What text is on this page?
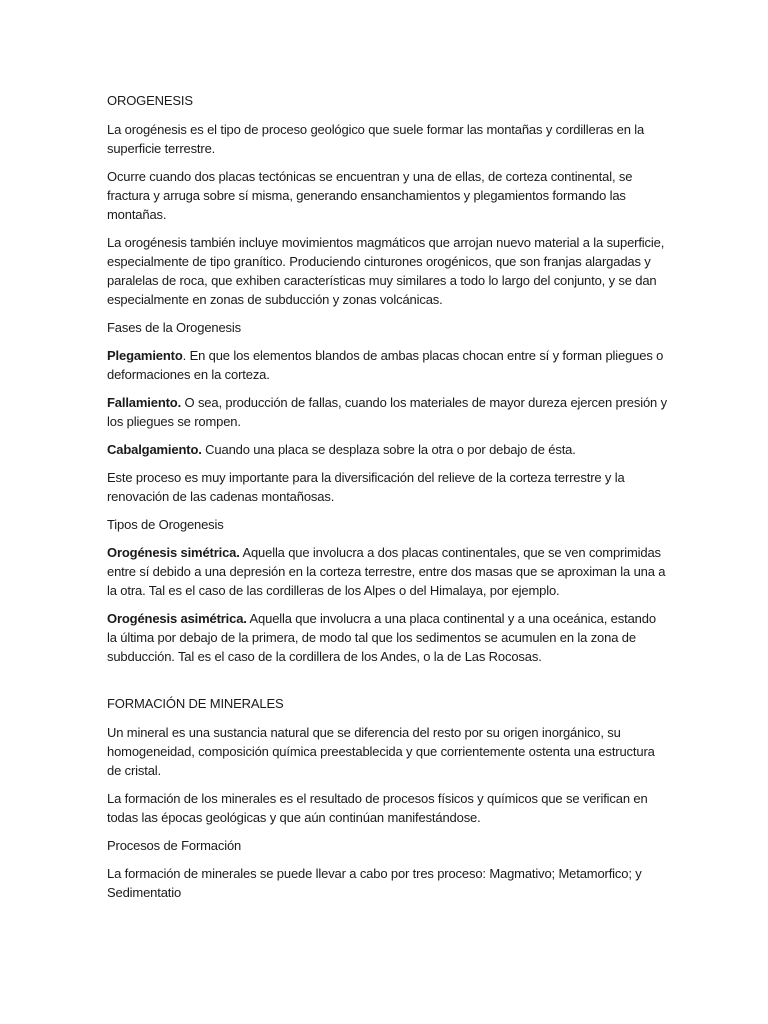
OROGENESIS

La orogénesis es el tipo de proceso geológico que suele formar las montañas y cordilleras en la superficie terrestre.

Ocurre cuando dos placas tectónicas se encuentran y una de ellas, de corteza continental, se fractura y arruga sobre sí misma, generando ensanchamientos y plegamientos formando las montañas.

La orogénesis también incluye movimientos magmáticos que arrojan nuevo material a la superficie, especialmente de tipo granítico. Produciendo cinturones orogénicos, que son franjas alargadas y paralelas de roca, que exhiben características muy similares a todo lo largo del conjunto, y se dan especialmente en zonas de subducción y zonas volcánicas.

Fases de la Orogenesis

Plegamiento. En que los elementos blandos de ambas placas chocan entre sí y forman pliegues o deformaciones en la corteza.

Fallamiento. O sea, producción de fallas, cuando los materiales de mayor dureza ejercen presión y los pliegues se rompen.

Cabalgamiento. Cuando una placa se desplaza sobre la otra o por debajo de ésta.

Este proceso es muy importante para la diversificación del relieve de la corteza terrestre y la renovación de las cadenas montañosas.

Tipos de Orogenesis

Orogénesis simétrica. Aquella que involucra a dos placas continentales, que se ven comprimidas entre sí debido a una depresión en la corteza terrestre, entre dos masas que se aproximan la una a la otra. Tal es el caso de las cordilleras de los Alpes o del Himalaya, por ejemplo.

Orogénesis asimétrica. Aquella que involucra a una placa continental y a una oceánica, estando la última por debajo de la primera, de modo tal que los sedimentos se acumulen en la zona de subducción. Tal es el caso de la cordillera de los Andes, o la de Las Rocosas.

FORMACIÓN DE MINERALES

Un mineral es una sustancia natural que se diferencia del resto por su origen inorgánico, su homogeneidad, composición química preestablecida y que corrientemente ostenta una estructura de cristal.

La formación de los minerales es el resultado de procesos físicos y químicos que se verifican en todas las épocas geológicas y que aún continúan manifestándose.

Procesos de Formación

La formación de minerales se puede llevar a cabo por tres proceso: Magmativo; Metamorfico; y Sedimentatio
